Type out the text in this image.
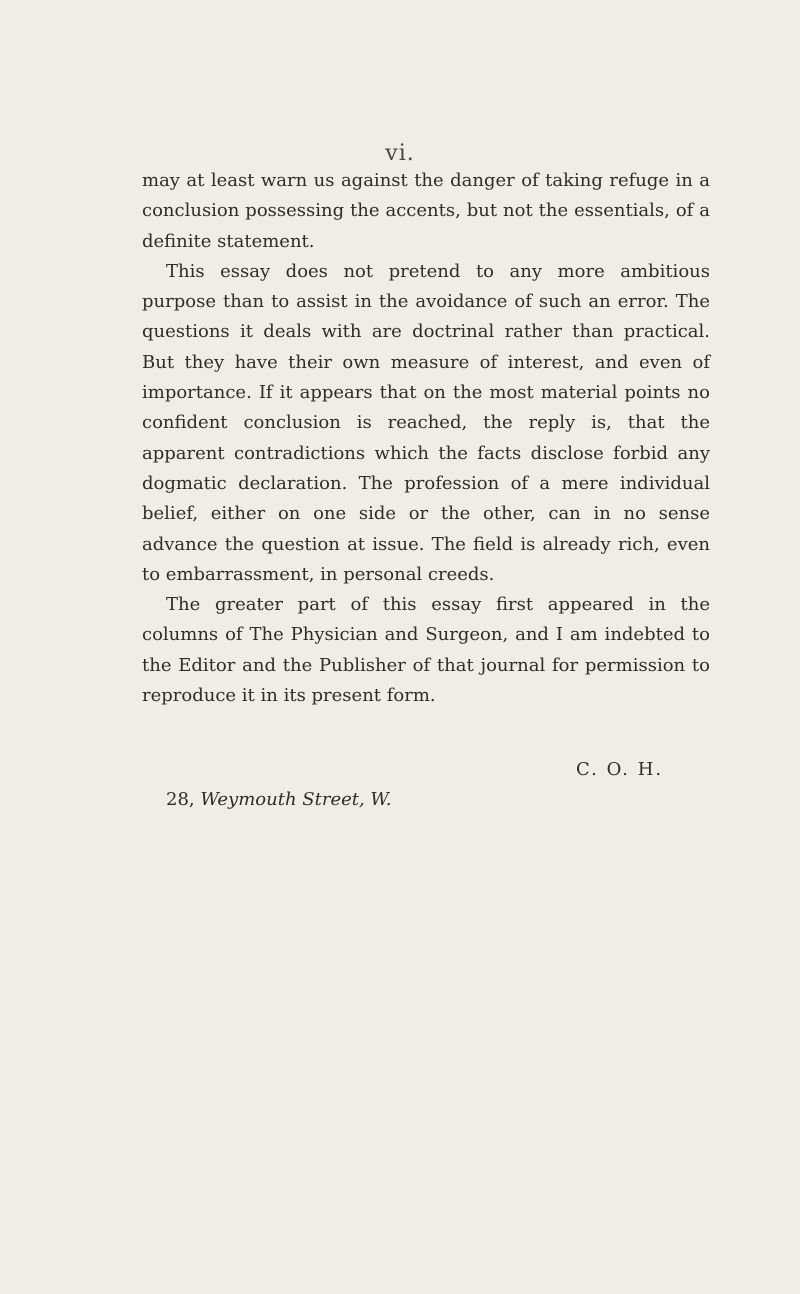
vi.

may at least warn us against the danger of taking refuge in a conclusion possessing the accents, but not the essentials, of a definite statement.

This essay does not pretend to any more ambitious purpose than to assist in the avoidance of such an error. The questions it deals with are doctrinal rather than practical. But they have their own measure of interest, and even of importance. If it appears that on the most material points no confident conclusion is reached, the reply is, that the apparent contradictions which the facts disclose forbid any dogmatic declaration. The profession of a mere individual belief, either on one side or the other, can in no sense advance the question at issue. The field is already rich, even to embarrassment, in personal creeds.

The greater part of this essay first appeared in the columns of The Physician and Surgeon, and I am indebted to the Editor and the Publisher of that journal for permission to reproduce it in its present form.

C. O. H.
28, Weymouth Street, W.
